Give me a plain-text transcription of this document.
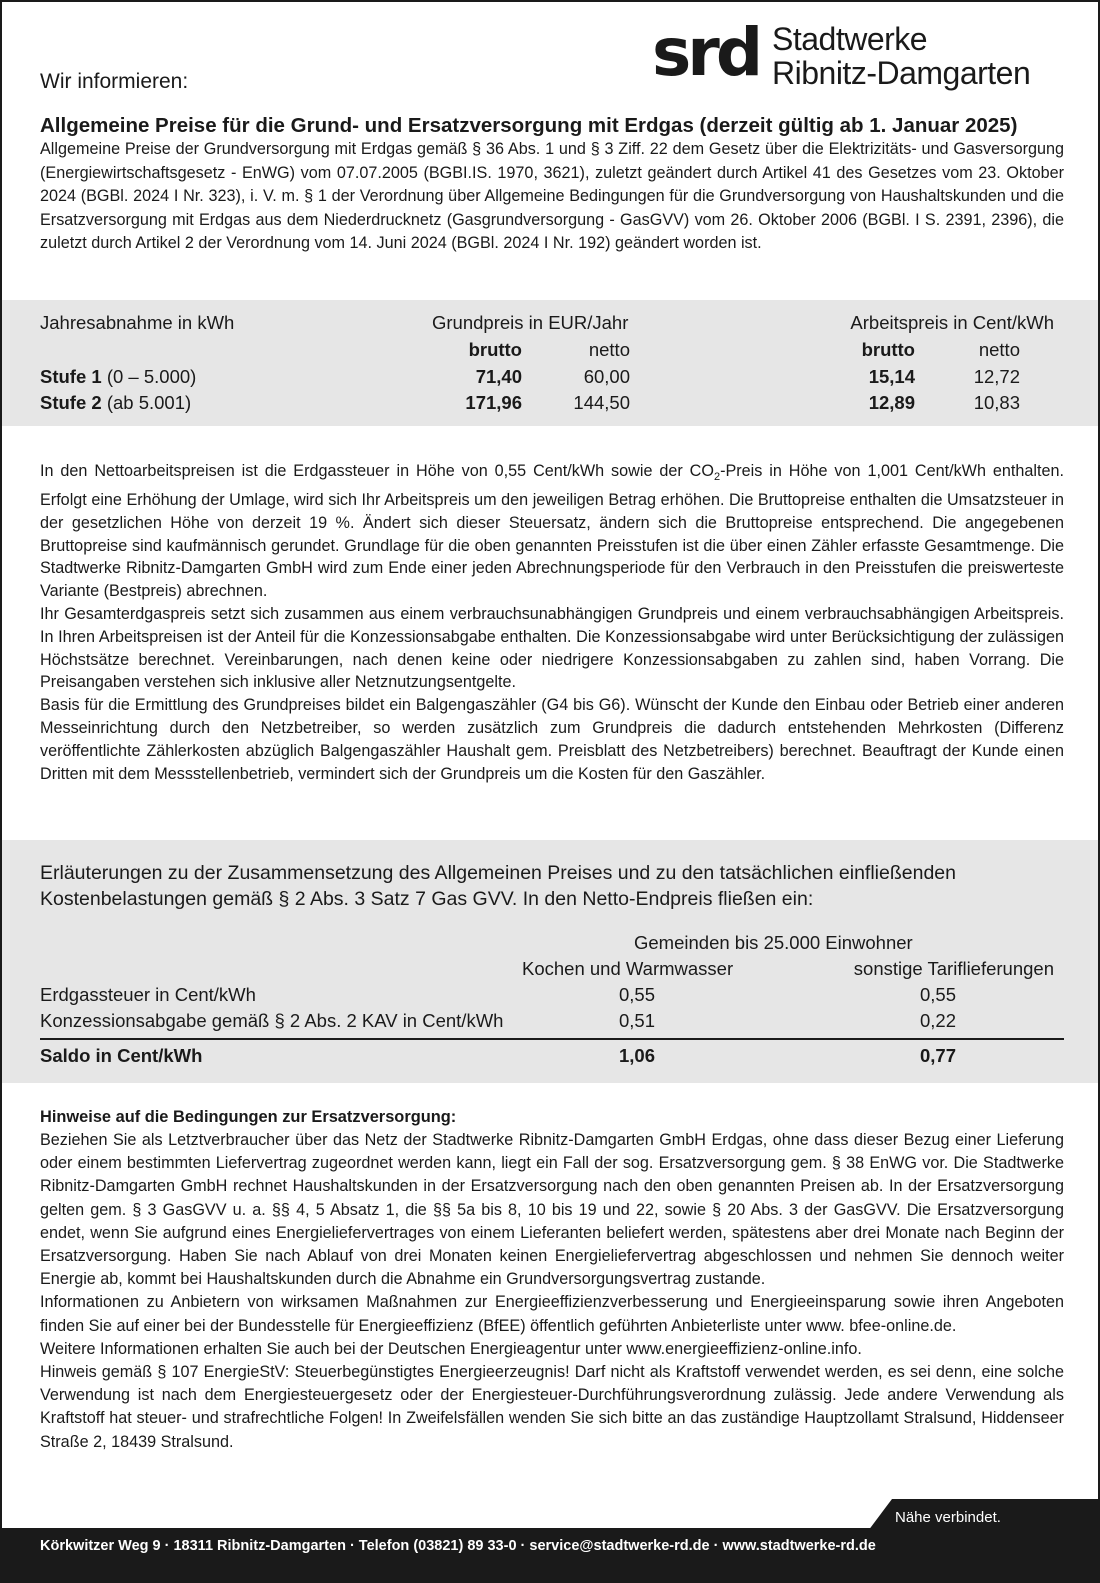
Wir informieren:	srd Stadtwerke
Ribnitz-Damgarten
Allgemeine Preise für die Grund- und Ersatzversorgung mit Erdgas (derzeit gültig ab 1. Januar 2025)
Allgemeine Preise der Grundversorgung mit Erdgas gemäß § 36 Abs. 1 und § 3 Ziff. 22 dem Gesetz über die Elektrizitäts- und Gasversorgung (Energiewirtschaftsgesetz - EnWG) vom 07.07.2005 (BGBI.IS. 1970, 3621), zuletzt geändert durch Artikel 41 des Gesetzes vom 23. Oktober 2024 (BGBl. 2024 I Nr. 323), i. V. m. § 1 der Verordnung über Allgemeine Bedingungen für die Grundversorgung von Haushaltskunden und die Ersatzversorgung mit Erdgas aus dem Niederdrucknetz (Gasgrundversorgung - GasGVV) vom 26. Oktober 2006 (BGBl. I S. 2391, 2396), die zuletzt durch Artikel 2 der Verordnung vom 14. Juni 2024 (BGBl. 2024 I Nr. 192) geändert worden ist.
Jahresabnahme in kWh	Grundpreis in EUR/Jahr	Arbeitspreis in Cent/kWh
brutto	netto	brutto	netto
Stufe 1 (0 – 5.000)	71,40	60,00	15,14	12,72
Stufe 2 (ab 5.001)	171,96	144,50	12,89	10,83

In den Nettoarbeitspreisen ist die Erdgassteuer in Höhe von 0,55 Cent/kWh sowie der $CO_2$-Preis in Höhe von 1,001 Cent/kWh enthalten. Erfolgt eine Erhöhung der Umlage, wird sich Ihr Arbeitspreis um den jeweiligen Betrag erhöhen. Die Bruttopreise enthalten die Umsatzsteuer in der gesetzlichen Höhe von derzeit 19 %. Ändert sich dieser Steuersatz, ändern sich die Bruttopreise entsprechend. Die angegebenen Bruttopreise sind kaufmännisch gerundet. Grundlage für die oben genannten Preisstufen ist die über einen Zähler erfasste Gesamtmenge. Die Stadtwerke Ribnitz-Damgarten GmbH wird zum Ende einer jeden Abrechnungsperiode für den Verbrauch in den Preisstufen die preiswerteste Variante (Bestpreis) abrechnen.

Ihr Gesamterdgaspreis setzt sich zusammen aus einem verbrauchsunabhängigen Grundpreis und einem verbrauchsabhängigen Arbeitspreis. In Ihren Arbeitspreisen ist der Anteil für die Konzessionsabgabe enthalten. Die Konzessionsabgabe wird unter Berücksichtigung der zulässigen Höchstsätze berechnet. Vereinbarungen, nach denen keine oder niedrigere Konzessionsabgaben zu zahlen sind, haben Vorrang. Die Preisangaben verstehen sich inklusive aller Netznutzungsentgelte.

Basis für die Ermittlung des Grundpreises bildet ein Balgengaszähler (G4 bis G6). Wünscht der Kunde den Einbau oder Betrieb einer anderen Messeinrichtung durch den Netzbetreiber, so werden zusätzlich zum Grundpreis die dadurch entstehenden Mehrkosten (Differenz veröffentlichte Zählerkosten abzüglich Balgengaszähler Haushalt gem. Preisblatt des Netzbetreibers) berechnet. Beauftragt der Kunde einen Dritten mit dem Messstellenbetrieb, vermindert sich der Grundpreis um die Kosten für den Gaszähler.

Erläuterungen zu der Zusammensetzung des Allgemeinen Preises und zu den tatsächlichen einfließenden Kostenbelastungen gemäß § 2 Abs. 3 Satz 7 Gas GVV. In den Netto-Endpreis fließen ein:
Gemeinden bis 25.000 Einwohner
Kochen und Warmwasser	sonstige Tariflieferungen
Erdgassteuer in Cent/kWh	0,55	0,55
Konzessionsabgabe gemäß § 2 Abs. 2 KAV in Cent/kWh	0,51	0,22
Saldo in Cent/kWh	1,06	0,77
Hinweise auf die Bedingungen zur Ersatzversorgung:

Beziehen Sie als Letztverbraucher über das Netz der Stadtwerke Ribnitz-Damgarten GmbH Erdgas, ohne dass dieser Bezug einer Lieferung oder einem bestimmten Liefervertrag zugeordnet werden kann, liegt ein Fall der sog. Ersatzversorgung gem. § 38 EnWG vor. Die Stadtwerke Ribnitz-Damgarten GmbH rechnet Haushaltskunden in der Ersatzversorgung nach den oben genannten Preisen ab. In der Ersatzversorgung gelten gem. § 3 GasGVV u. a. §§ 4, 5 Absatz 1, die §§ 5a bis 8, 10 bis 19 und 22, sowie § 20 Abs. 3 der GasGVV. Die Ersatzversorgung endet, wenn Sie aufgrund eines Energieliefervertrages von einem Lieferanten beliefert werden, spätestens aber drei Monate nach Beginn der Ersatzversorgung. Haben Sie nach Ablauf von drei Monaten keinen Energieliefervertrag abgeschlossen und nehmen Sie dennoch weiter Energie ab, kommt bei Haushaltskunden durch die Abnahme ein Grundversorgungsvertrag zustande.

Informationen zu Anbietern von wirksamen Maßnahmen zur Energieeffizienzverbesserung und Energieeinsparung sowie ihren Angeboten finden Sie auf einer bei der Bundesstelle für Energieeffizienz (BfEE) öffentlich geführten Anbieterliste unter www. bfee-online.de.

Weitere Informationen erhalten Sie auch bei der Deutschen Energieagentur unter www.energieeffizienz-online.info.

Hinweis gemäß § 107 EnergieStV: Steuerbegünstigtes Energieerzeugnis! Darf nicht als Kraftstoff verwendet werden, es sei denn, eine solche Verwendung ist nach dem Energiesteuergesetz oder der Energiesteuer-Durchführungsverordnung zulässig. Jede andere Verwendung als Kraftstoff hat steuer- und strafrechtliche Folgen! In Zweifelsfällen wenden Sie sich bitte an das zuständige Hauptzollamt Stralsund, Hiddenseer Straße 2, 18439 Stralsund.

Nähe verbindet.
Körkwitzer Weg 9 · 18311 Ribnitz-Damgarten · Telefon (03821) 89 33-0 · service@stadtwerke-rd.de · www.stadtwerke-rd.de
